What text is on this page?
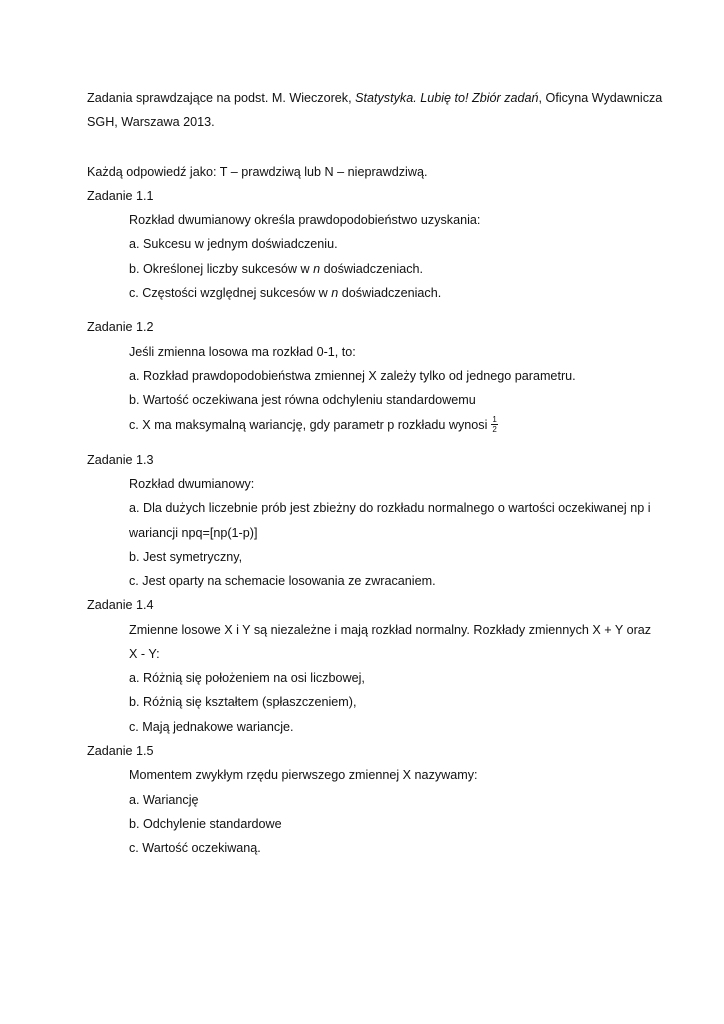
Zadania sprawdzające na podst. M. Wieczorek, Statystyka. Lubię to! Zbiór zadań, Oficyna Wydawnicza
SGH, Warszawa 2013.
Każdą odpowiedź jako: T – prawdziwą lub N – nieprawdziwą.
Zadanie 1.1
Rozkład dwumianowy określa prawdopodobieństwo uzyskania:
a. Sukcesu w jednym doświadczeniu.
b. Określonej liczby sukcesów w n doświadczeniach.
c. Częstości względnej sukcesów w n doświadczeniach.
Zadanie 1.2
Jeśli zmienna losowa ma rozkład 0-1, to:
a. Rozkład prawdopodobieństwa zmiennej X zależy tylko od jednego parametru.
b. Wartość oczekiwana jest równa odchyleniu standardowemu
c. X ma maksymalną wariancję, gdy parametr p rozkładu wynosi $\frac{1}{2}$
Zadanie 1.3
Rozkład dwumianowy:
a. Dla dużych liczebnie prób jest zbieżny do rozkładu normalnego o wartości oczekiwanej np i
wariancji npq=[np(1-p)]
b. Jest symetryczny,
c. Jest oparty na schemacie losowania ze zwracaniem.
Zadanie 1.4
Zmienne losowe X i Y są niezależne i mają rozkład normalny. Rozkłady zmiennych X + Y oraz
X - Y:
a. Różnią się położeniem na osi liczbowej,
b. Różnią się kształtem (spłaszczeniem),
c. Mają jednakowe wariancje.
Zadanie 1.5
Momentem zwykłym rzędu pierwszego zmiennej X nazywamy:
a. Wariancję
b. Odchylenie standardowe
c. Wartość oczekiwaną.
